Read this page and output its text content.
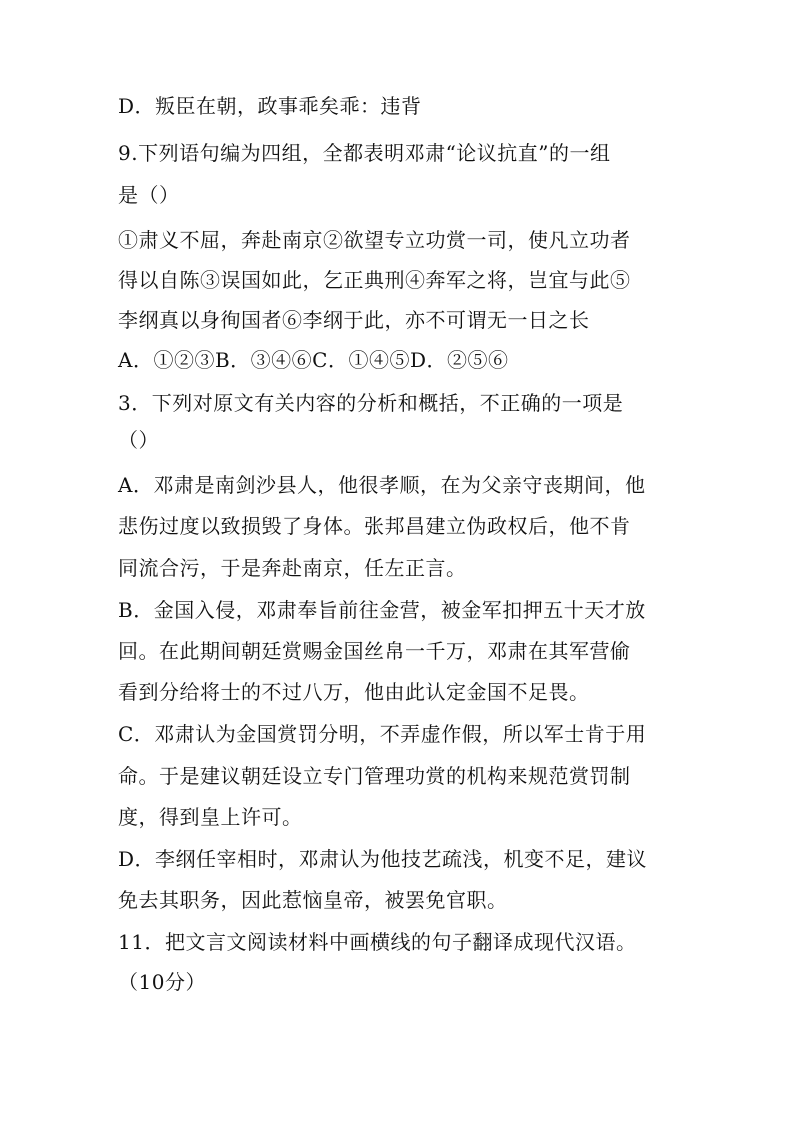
D．叛臣在朝，政事乖矣乖：违背
9.下列语句编为四组，全都表明邓肃“论议抗直”的一组
是（）
①肃义不屈，奔赴南京②欲望专立功赏一司，使凡立功者
得以自陈③误国如此，乞正典刑④奔军之将，岂宜与此⑤
李纲真以身徇国者⑥李纲于此，亦不可谓无一日之长
A．①②③B．③④⑥C．①④⑤D．②⑤⑥
3．下列对原文有关内容的分析和概括，不正确的一项是
（）
A．邓肃是南剑沙县人，他很孝顺，在为父亲守丧期间，他
悲伤过度以致损毁了身体。张邦昌建立伪政权后，他不肯
同流合污，于是奔赴南京，任左正言。
B．金国入侵，邓肃奉旨前往金营，被金军扣押五十天才放
回。在此期间朝廷赏赐金国丝帛一千万，邓肃在其军营偷
看到分给将士的不过八万，他由此认定金国不足畏。
C．邓肃认为金国赏罚分明，不弄虚作假，所以军士肯于用
命。于是建议朝廷设立专门管理功赏的机构来规范赏罚制
度，得到皇上许可。
D．李纲任宰相时，邓肃认为他技艺疏浅，机变不足，建议
免去其职务，因此惹恼皇帝，被罢免官职。
11．把文言文阅读材料中画横线的句子翻译成现代汉语。
（10分）
